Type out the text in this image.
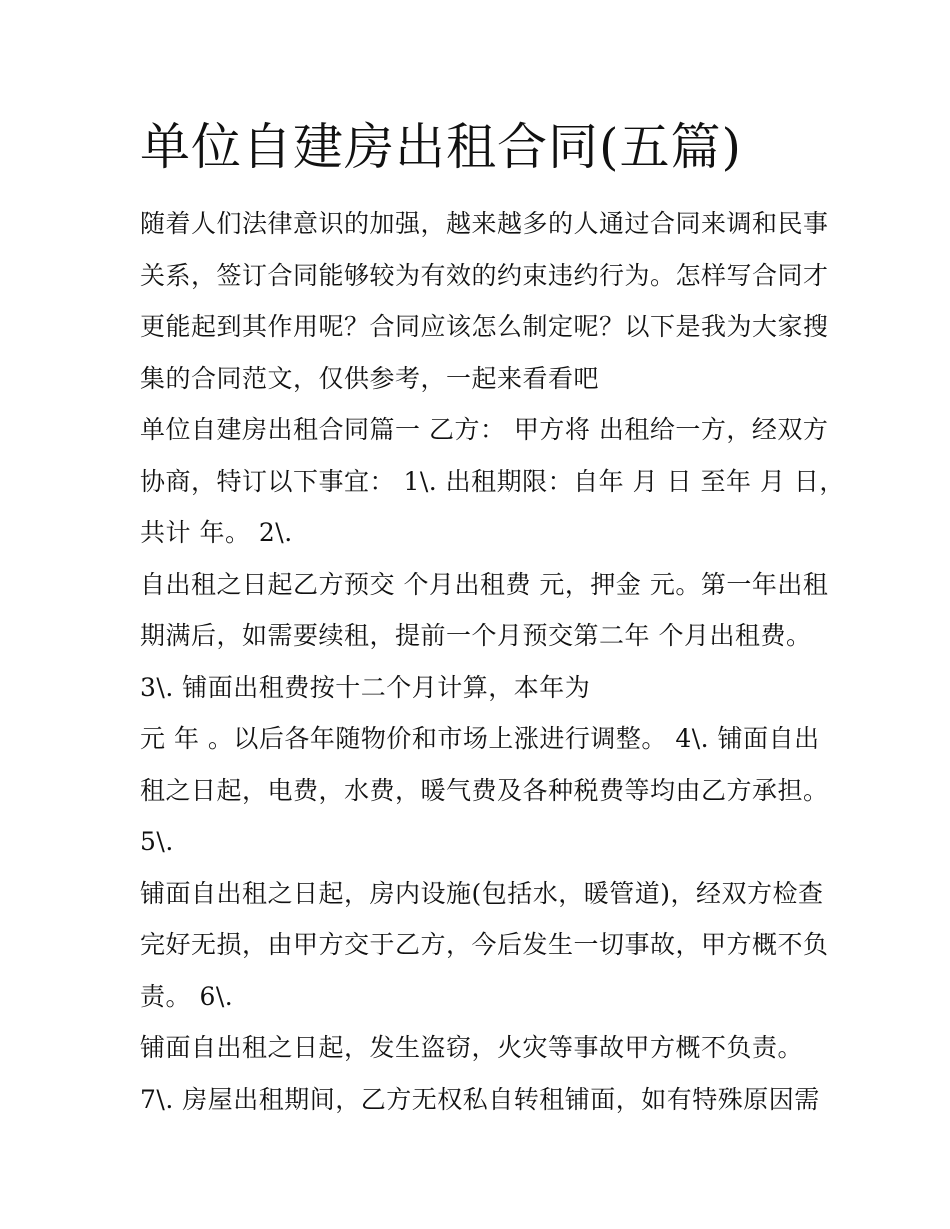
单位自建房出租合同(五篇)
随着人们法律意识的加强，越来越多的人通过合同来调和民事
关系，签订合同能够较为有效的约束违约行为。怎样写合同才
更能起到其作用呢？合同应该怎么制定呢？以下是我为大家搜
集的合同范文，仅供参考，一起来看看吧
单位自建房出租合同篇一 乙方： 甲方将 出租给一方，经双方
协商，特订以下事宜： 1\. 出租期限：自年 月 日 至年 月 日，
共计 年。 2\.
自出租之日起乙方预交 个月出租费 元，押金 元。第一年出租
期满后，如需要续租，提前一个月预交第二年 个月出租费。
3\. 铺面出租费按十二个月计算，本年为
元 年 。以后各年随物价和市场上涨进行调整。 4\. 铺面自出
租之日起，电费，水费，暖气费及各种税费等均由乙方承担。
5\.
铺面自出租之日起，房内设施(包括水，暖管道)，经双方检查
完好无损，由甲方交于乙方，今后发生一切事故，甲方概不负
责。 6\.
铺面自出租之日起，发生盗窃，火灾等事故甲方概不负责。
7\. 房屋出租期间，乙方无权私自转租铺面，如有特殊原因需
